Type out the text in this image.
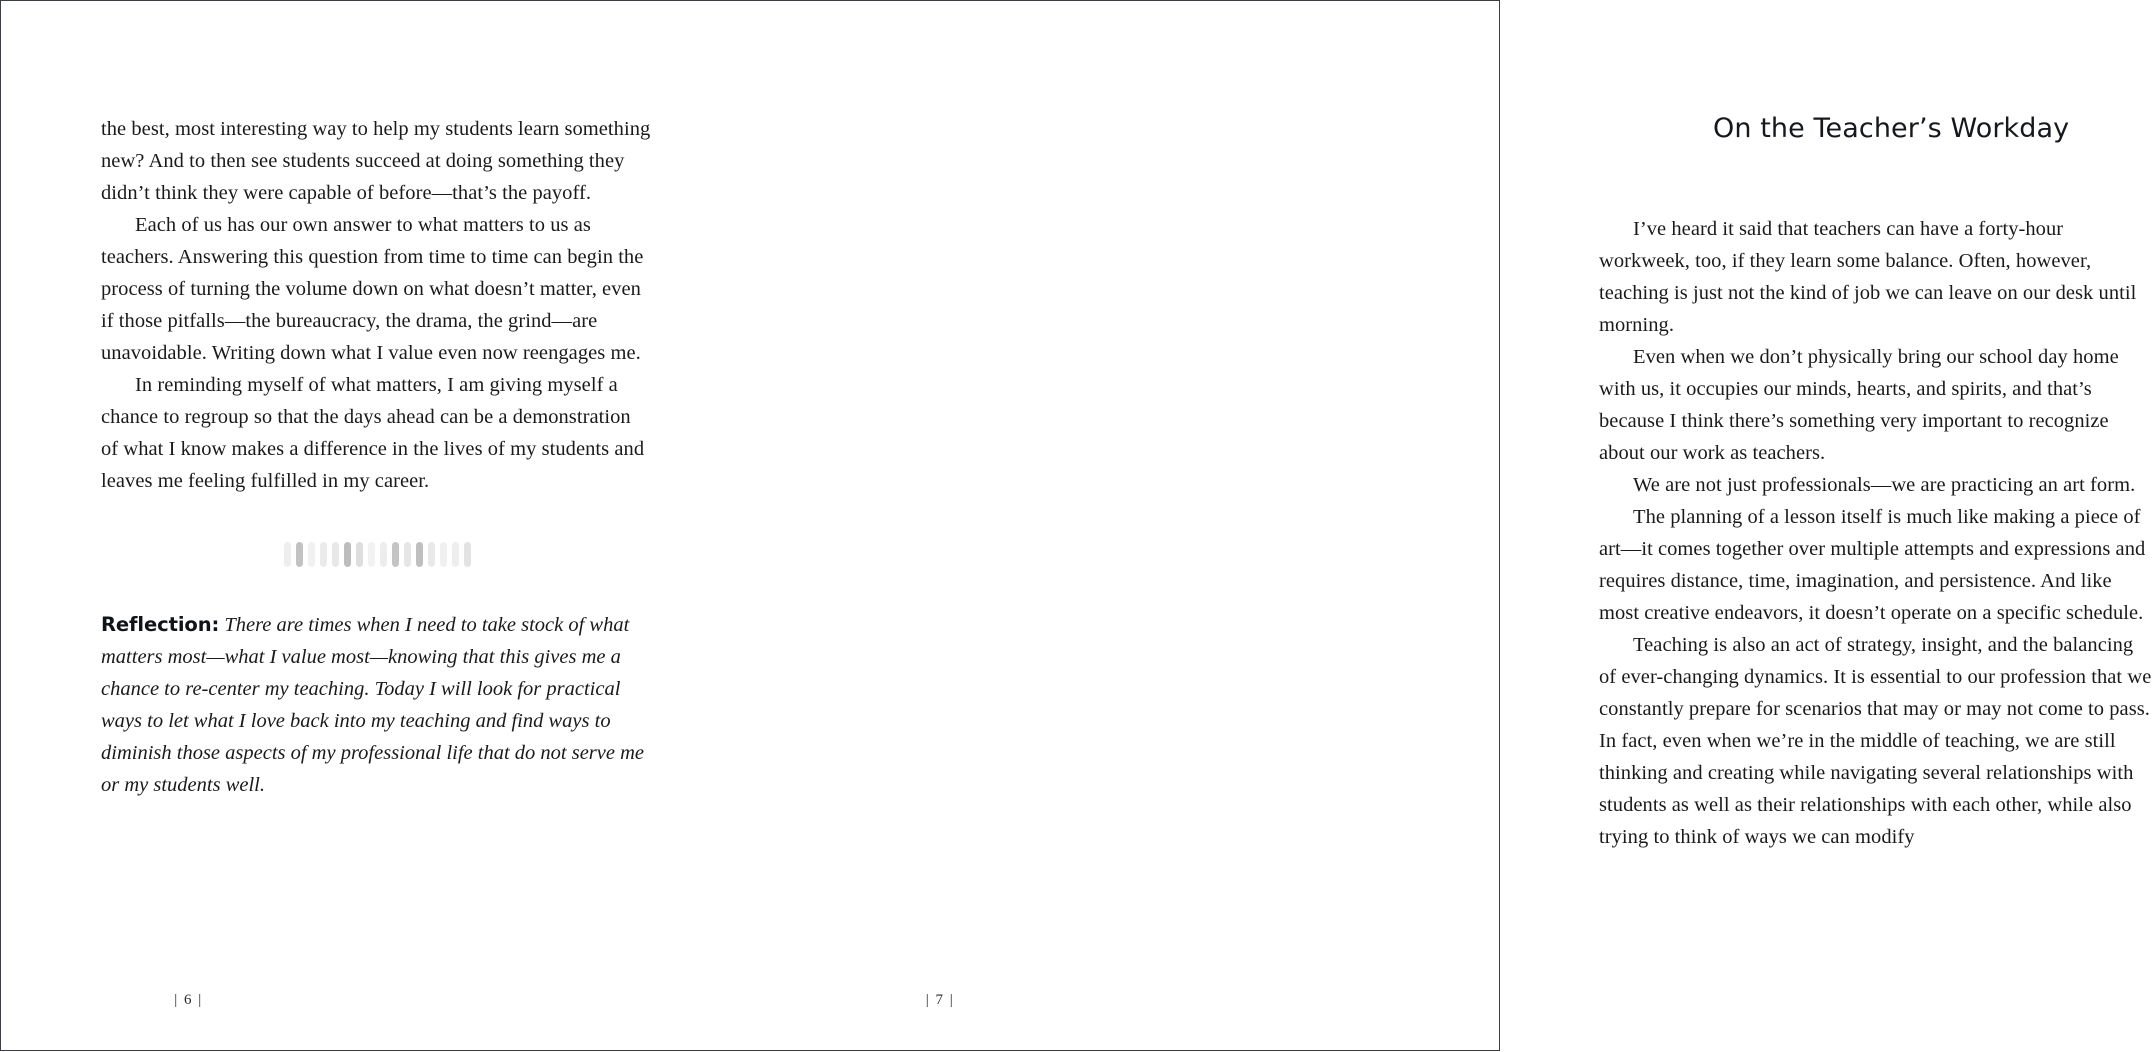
the best, most interesting way to help my students learn something new? And to then see students succeed at doing something they didn’t think they were capable of before—that’s the payoff.

Each of us has our own answer to what matters to us as teachers. Answering this question from time to time can begin the process of turning the volume down on what doesn’t matter, even if those pitfalls—the bureaucracy, the drama, the grind—are unavoidable. Writing down what I value even now reengages me.

In reminding myself of what matters, I am giving myself a chance to regroup so that the days ahead can be a demonstration of what I know makes a difference in the lives of my students and leaves me feeling fulfilled in my career.

Reflection: There are times when I need to take stock of what matters most—what I value most—knowing that this gives me a chance to re-center my teaching. Today I will look for practical ways to let what I love back into my teaching and find ways to diminish those aspects of my professional life that do not serve me or my students well.

| 6 |
On the Teacher’s Workday

I’ve heard it said that teachers can have a forty-hour workweek, too, if they learn some balance. Often, however, teaching is just not the kind of job we can leave on our desk until morning.

Even when we don’t physically bring our school day home with us, it occupies our minds, hearts, and spirits, and that’s because I think there’s something very important to recognize about our work as teachers.

We are not just professionals—we are practicing an art form.

The planning of a lesson itself is much like making a piece of art—it comes together over multiple attempts and expressions and requires distance, time, imagination, and persistence. And like most creative endeavors, it doesn’t operate on a specific schedule.

Teaching is also an act of strategy, insight, and the balancing of ever-changing dynamics. It is essential to our profession that we constantly prepare for scenarios that may or may not come to pass. In fact, even when we’re in the middle of teaching, we are still thinking and creating while navigating several relationships with students as well as their relationships with each other, while also trying to think of ways we can modify

| 7 |
